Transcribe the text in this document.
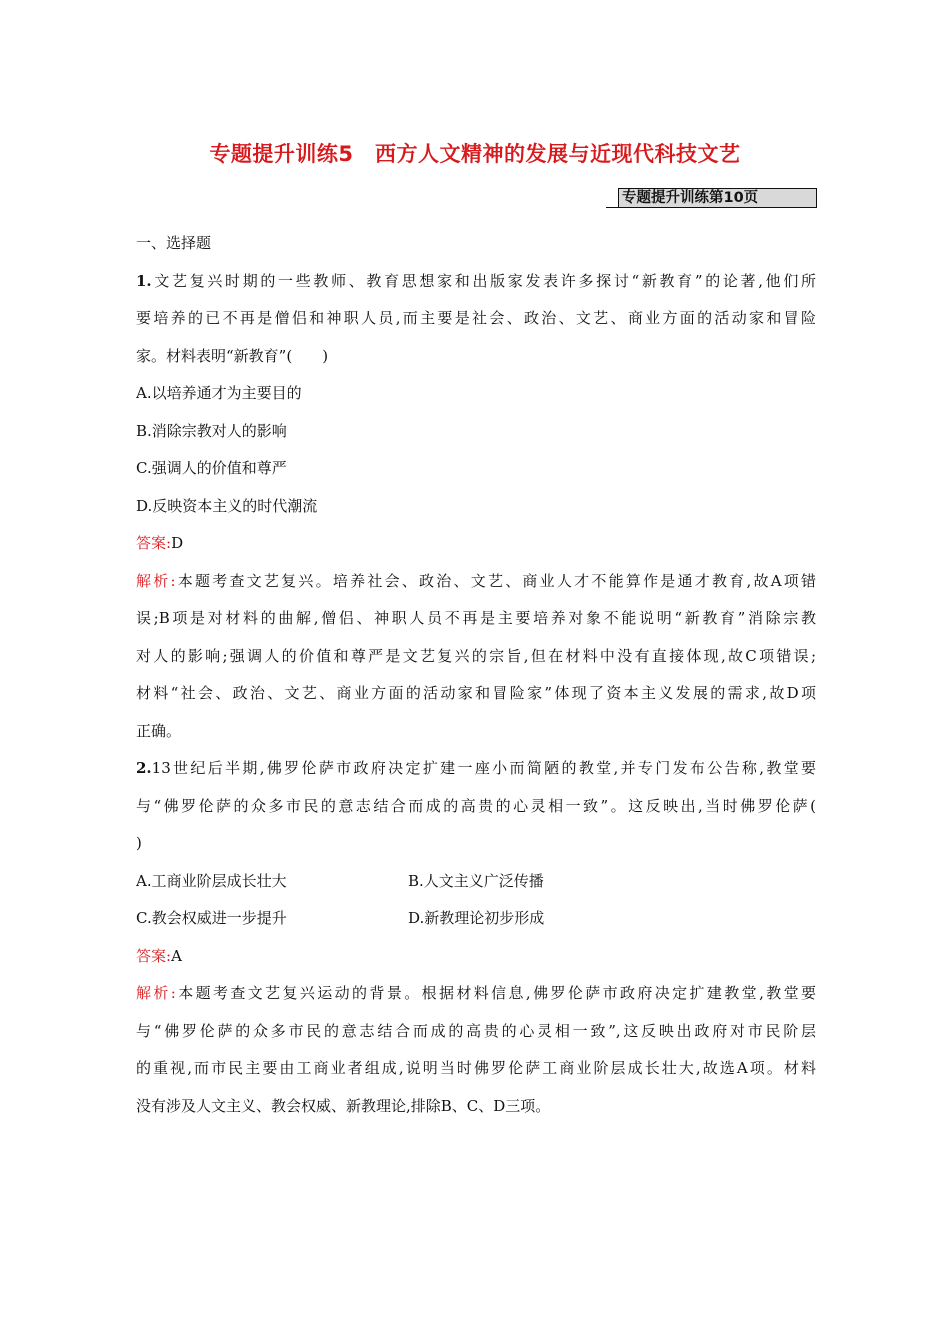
专题提升训练5　西方人文精神的发展与近现代科技文艺
专题提升训练第10页
一、选择题
1.文艺复兴时期的一些教师、教育思想家和出版家发表许多探讨“新教育”的论著,他们所
要培养的已不再是僧侣和神职人员,而主要是社会、政治、文艺、商业方面的活动家和冒险
家。材料表明“新教育”(　　)
A.以培养通才为主要目的
B.消除宗教对人的影响
C.强调人的价值和尊严
D.反映资本主义的时代潮流
答案:D
解析:本题考查文艺复兴。培养社会、政治、文艺、商业人才不能算作是通才教育,故A项错
误;B项是对材料的曲解,僧侣、神职人员不再是主要培养对象不能说明“新教育”消除宗教
对人的影响;强调人的价值和尊严是文艺复兴的宗旨,但在材料中没有直接体现,故C项错误;
材料“社会、政治、文艺、商业方面的活动家和冒险家”体现了资本主义发展的需求,故D项
正确。
2.13世纪后半期,佛罗伦萨市政府决定扩建一座小而简陋的教堂,并专门发布公告称,教堂要
与“佛罗伦萨的众多市民的意志结合而成的高贵的心灵相一致”。这反映出,当时佛罗伦萨(
)
A.工商业阶层成长壮大	B.人文主义广泛传播
C.教会权威进一步提升	D.新教理论初步形成
答案:A
解析:本题考查文艺复兴运动的背景。根据材料信息,佛罗伦萨市政府决定扩建教堂,教堂要
与“佛罗伦萨的众多市民的意志结合而成的高贵的心灵相一致”,这反映出政府对市民阶层
的重视,而市民主要由工商业者组成,说明当时佛罗伦萨工商业阶层成长壮大,故选A项。材料
没有涉及人文主义、教会权威、新教理论,排除B、C、D三项。
